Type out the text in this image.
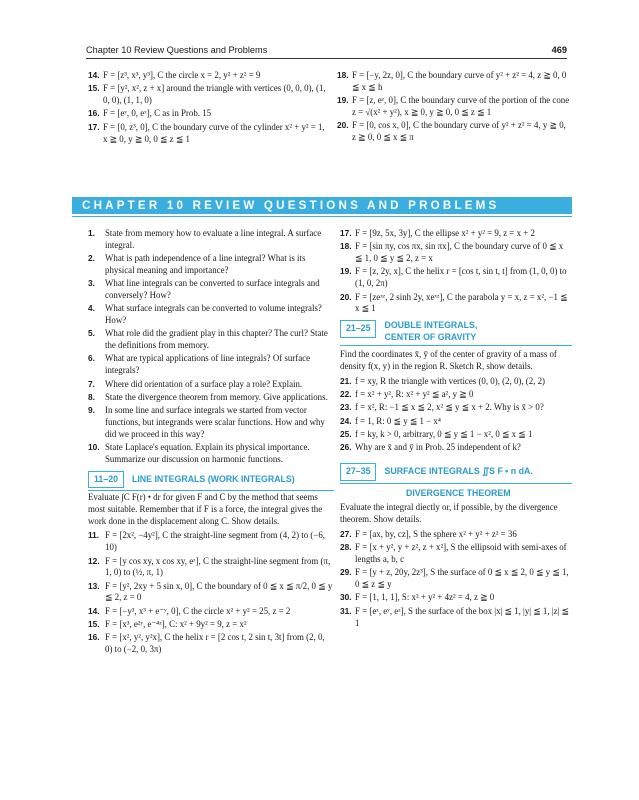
Chapter 10 Review Questions and Problems	469
14. F = [z³, x³, y³], C the circle x = 2, y² + z² = 9
15. F = [y², x², z + x] around the triangle with vertices (0, 0, 0), (1, 0, 0), (1, 1, 0)
16. F = [eʸ, 0, eˣ], C as in Prob. 15
17. F = [0, z³, 0], C the boundary curve of the cylinder x² + y² = 1, x ≧ 0, y ≧ 0, 0 ≦ z ≦ 1
18. F = [−y, 2z, 0], C the boundary curve of y² + z² = 4, z ≧ 0, 0 ≦ x ≦ h
19. F = [z, eᶻ, 0], C the boundary curve of the portion of the cone z = √(x² + y²), x ≧ 0, y ≧ 0, 0 ≦ z ≦ 1
20. F = [0, cos x, 0], C the boundary curve of y² + z² = 4, y ≧ 0, z ≧ 0, 0 ≦ x ≦ π
CHAPTER 10 REVIEW QUESTIONS AND PROBLEMS
1. State from memory how to evaluate a line integral. A surface integral.
2. What is path independence of a line integral? What is its physical meaning and importance?
3. What line integrals can be converted to surface integrals and conversely? How?
4. What surface integrals can be converted to volume integrals? How?
5. What role did the gradient play in this chapter? The curl? State the definitions from memory.
6. What are typical applications of line integrals? Of surface integrals?
7. Where did orientation of a surface play a role? Explain.
8. State the divergence theorem from memory. Give applications.
9. In some line and surface integrals we started from vector functions, but integrands were scalar functions. How and why did we proceed in this way?
10. State Laplace's equation. Explain its physical importance. Summarize our discussion on harmonic functions.
11–20	LINE INTEGRALS (WORK INTEGRALS)
Evaluate ∫C F(r) • dr for given F and C by the method that seems most suitable. Remember that if F is a force, the integral gives the work done in the displacement along C. Show details.
11. F = [2x², −4y²], C the straight-line segment from (4, 2) to (−6, 10)
12. F = [y cos xy, x cos xy, eᶻ], C the straight-line segment from (π, 1, 0) to (½, π, 1)
13. F = [y², 2xy + 5 sin x, 0], C the boundary of 0 ≦ x ≦ π/2, 0 ≦ y ≦ 2, z = 0
14. F = [−y³, x³ + e⁻ʸ, 0], C the circle x² + y² = 25, z = 2
15. F = [x³, e²ʸ, e⁻⁴ᶻ], C: x² + 9y² = 9, z = x²
16. F = [x², y², y²x], C the helix r = [2 cos t, 2 sin t, 3t] from (2, 0, 0) to (−2, 0, 3π)
17. F = [9z, 5x, 3y], C the ellipse x² + y² = 9, z = x + 2
18. F = [sin πy, cos πx, sin πx], C the boundary curve of 0 ≦ x ≦ 1, 0 ≦ y ≦ 2, z = x
19. F = [z, 2y, x], C the helix r = [cos t, sin t, t] from (1, 0, 0) to (1, 0, 2π)
20. F = [zeˣᶻ, 2 sinh 2y, xeˣᶻ], C the parabola y = x, z = x², −1 ≦ x ≦ 1
21–25	DOUBLE INTEGRALS,
CENTER OF GRAVITY
Find the coordinates x̄, ȳ of the center of gravity of a mass of density f(x, y) in the region R. Sketch R, show details.
21. f = xy, R the triangle with vertices (0, 0), (2, 0), (2, 2)
22. f = x² + y², R: x² + y² ≦ a², y ≧ 0
23. f = x², R: −1 ≦ x ≦ 2, x² ≦ y ≦ x + 2. Why is x̄ > 0?
24. f = 1, R: 0 ≦ y ≦ 1 − x⁴
25. f = ky, k > 0, arbitrary, 0 ≦ y ≦ 1 − x², 0 ≦ x ≦ 1
26. Why are x̄ and ȳ in Prob. 25 independent of k?
27–35	SURFACE INTEGRALS ∬S F • n dA.
DIVERGENCE THEOREM
Evaluate the integral diectly or, if possible, by the divergence theorem. Show details.
27. F = [ax, by, cz], S the sphere x² + y² + z² = 36
28. F = [x + y², y + z², z + x²], S the ellipsoid with semi-axes of lengths a, b, c
29. F = [y + z, 20y, 2z³], S the surface of 0 ≦ x ≦ 2, 0 ≦ y ≦ 1, 0 ≦ z ≦ y
30. F = [1, 1, 1], S: x² + y² + 4z² = 4, z ≧ 0
31. F = [eˣ, eʸ, eᶻ], S the surface of the box |x| ≦ 1, |y| ≦ 1, |z| ≦ 1
